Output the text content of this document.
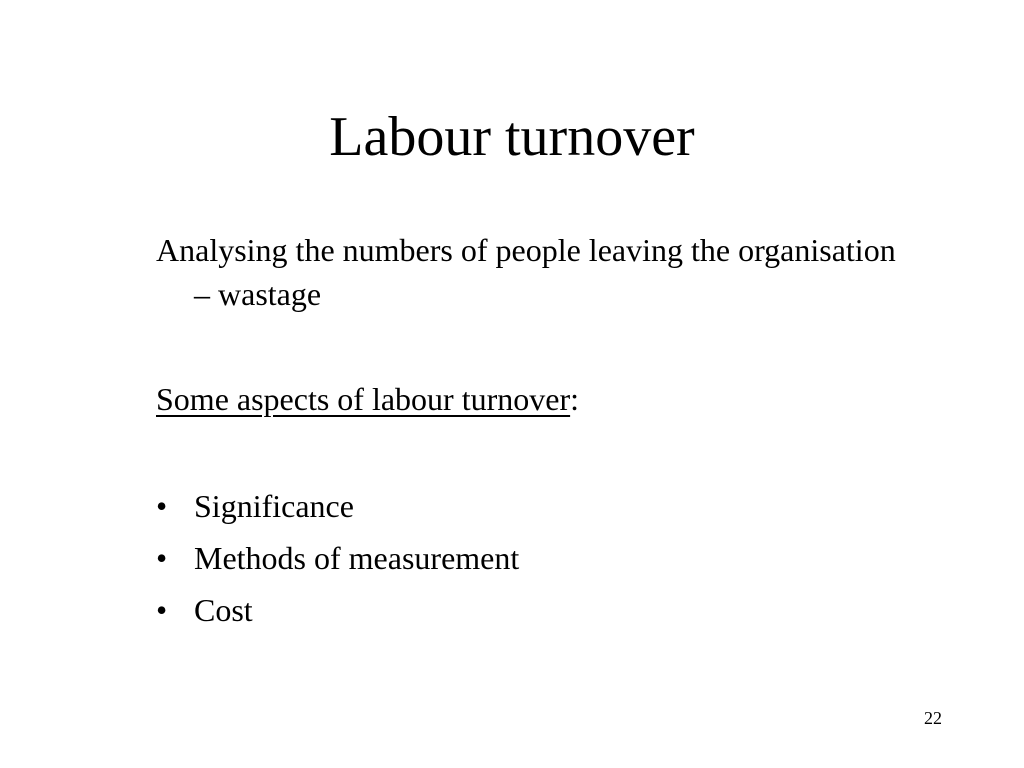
Labour turnover

Analysing the numbers of people leaving the organisation – wastage

Some aspects of labour turnover:

• Significance
• Methods of measurement
• Cost
22
